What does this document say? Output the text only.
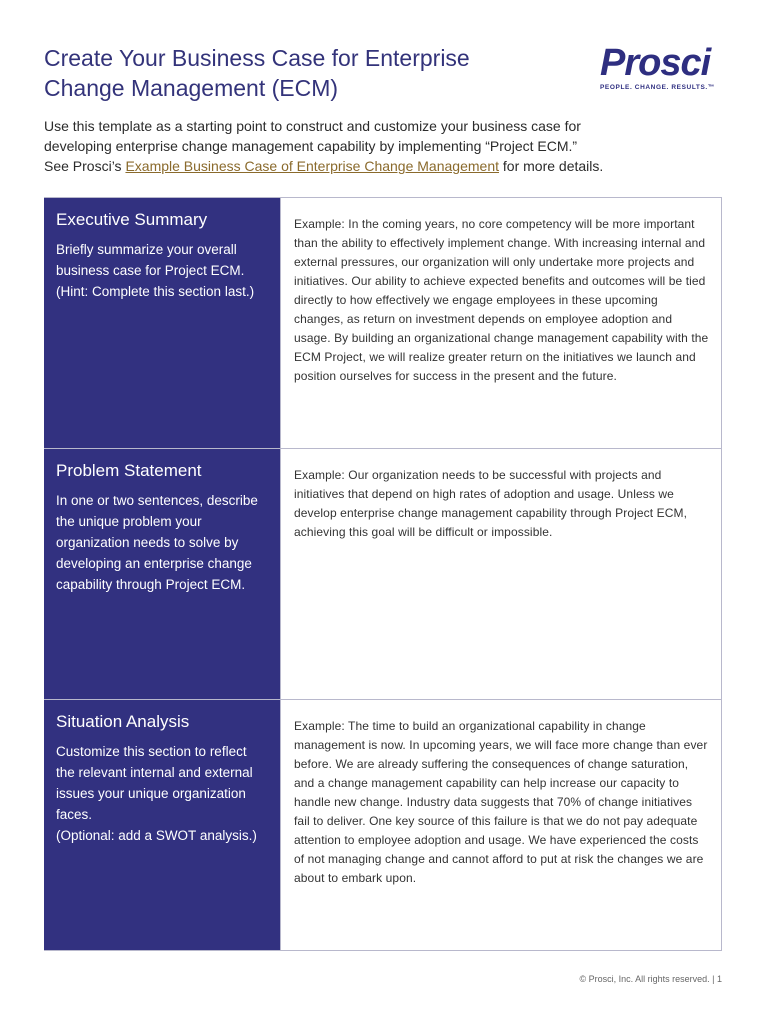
Create Your Business Case for Enterprise
Change Management (ECM)
Prosci
PEOPLE. CHANGE. RESULTS.™
Use this template as a starting point to construct and customize your business case for
developing enterprise change management capability by implementing “Project ECM.”
See Prosci’s Example Business Case of Enterprise Change Management for more details.
Executive Summary
Briefly summarize your overall business case for Project ECM.
(Hint: Complete this section last.)
Example: In the coming years, no core competency will be more important than the ability to effectively implement change. With increasing internal and external pressures, our organization will only undertake more projects and initiatives. Our ability to achieve expected benefits and outcomes will be tied directly to how effectively we engage employees in these upcoming changes, as return on investment depends on employee adoption and usage. By building an organizational change management capability with the ECM Project, we will realize greater return on the initiatives we launch and position ourselves for success in the present and the future.
Problem Statement
In one or two sentences, describe the unique problem your organization needs to solve by developing an enterprise change capability through Project ECM.
Example: Our organization needs to be successful with projects and initiatives that depend on high rates of adoption and usage. Unless we develop enterprise change management capability through Project ECM, achieving this goal will be difficult or impossible.
Situation Analysis
Customize this section to reflect the relevant internal and external issues your unique organization faces.
(Optional: add a SWOT analysis.)
Example: The time to build an organizational capability in change management is now. In upcoming years, we will face more change than ever before. We are already suffering the consequences of change saturation, and a change management capability can help increase our capacity to handle new change. Industry data suggests that 70% of change initiatives fail to deliver. One key source of this failure is that we do not pay adequate attention to employee adoption and usage. We have experienced the costs of not managing change and cannot afford to put at risk the changes we are about to embark upon.
© Prosci, Inc. All rights reserved. | 1
